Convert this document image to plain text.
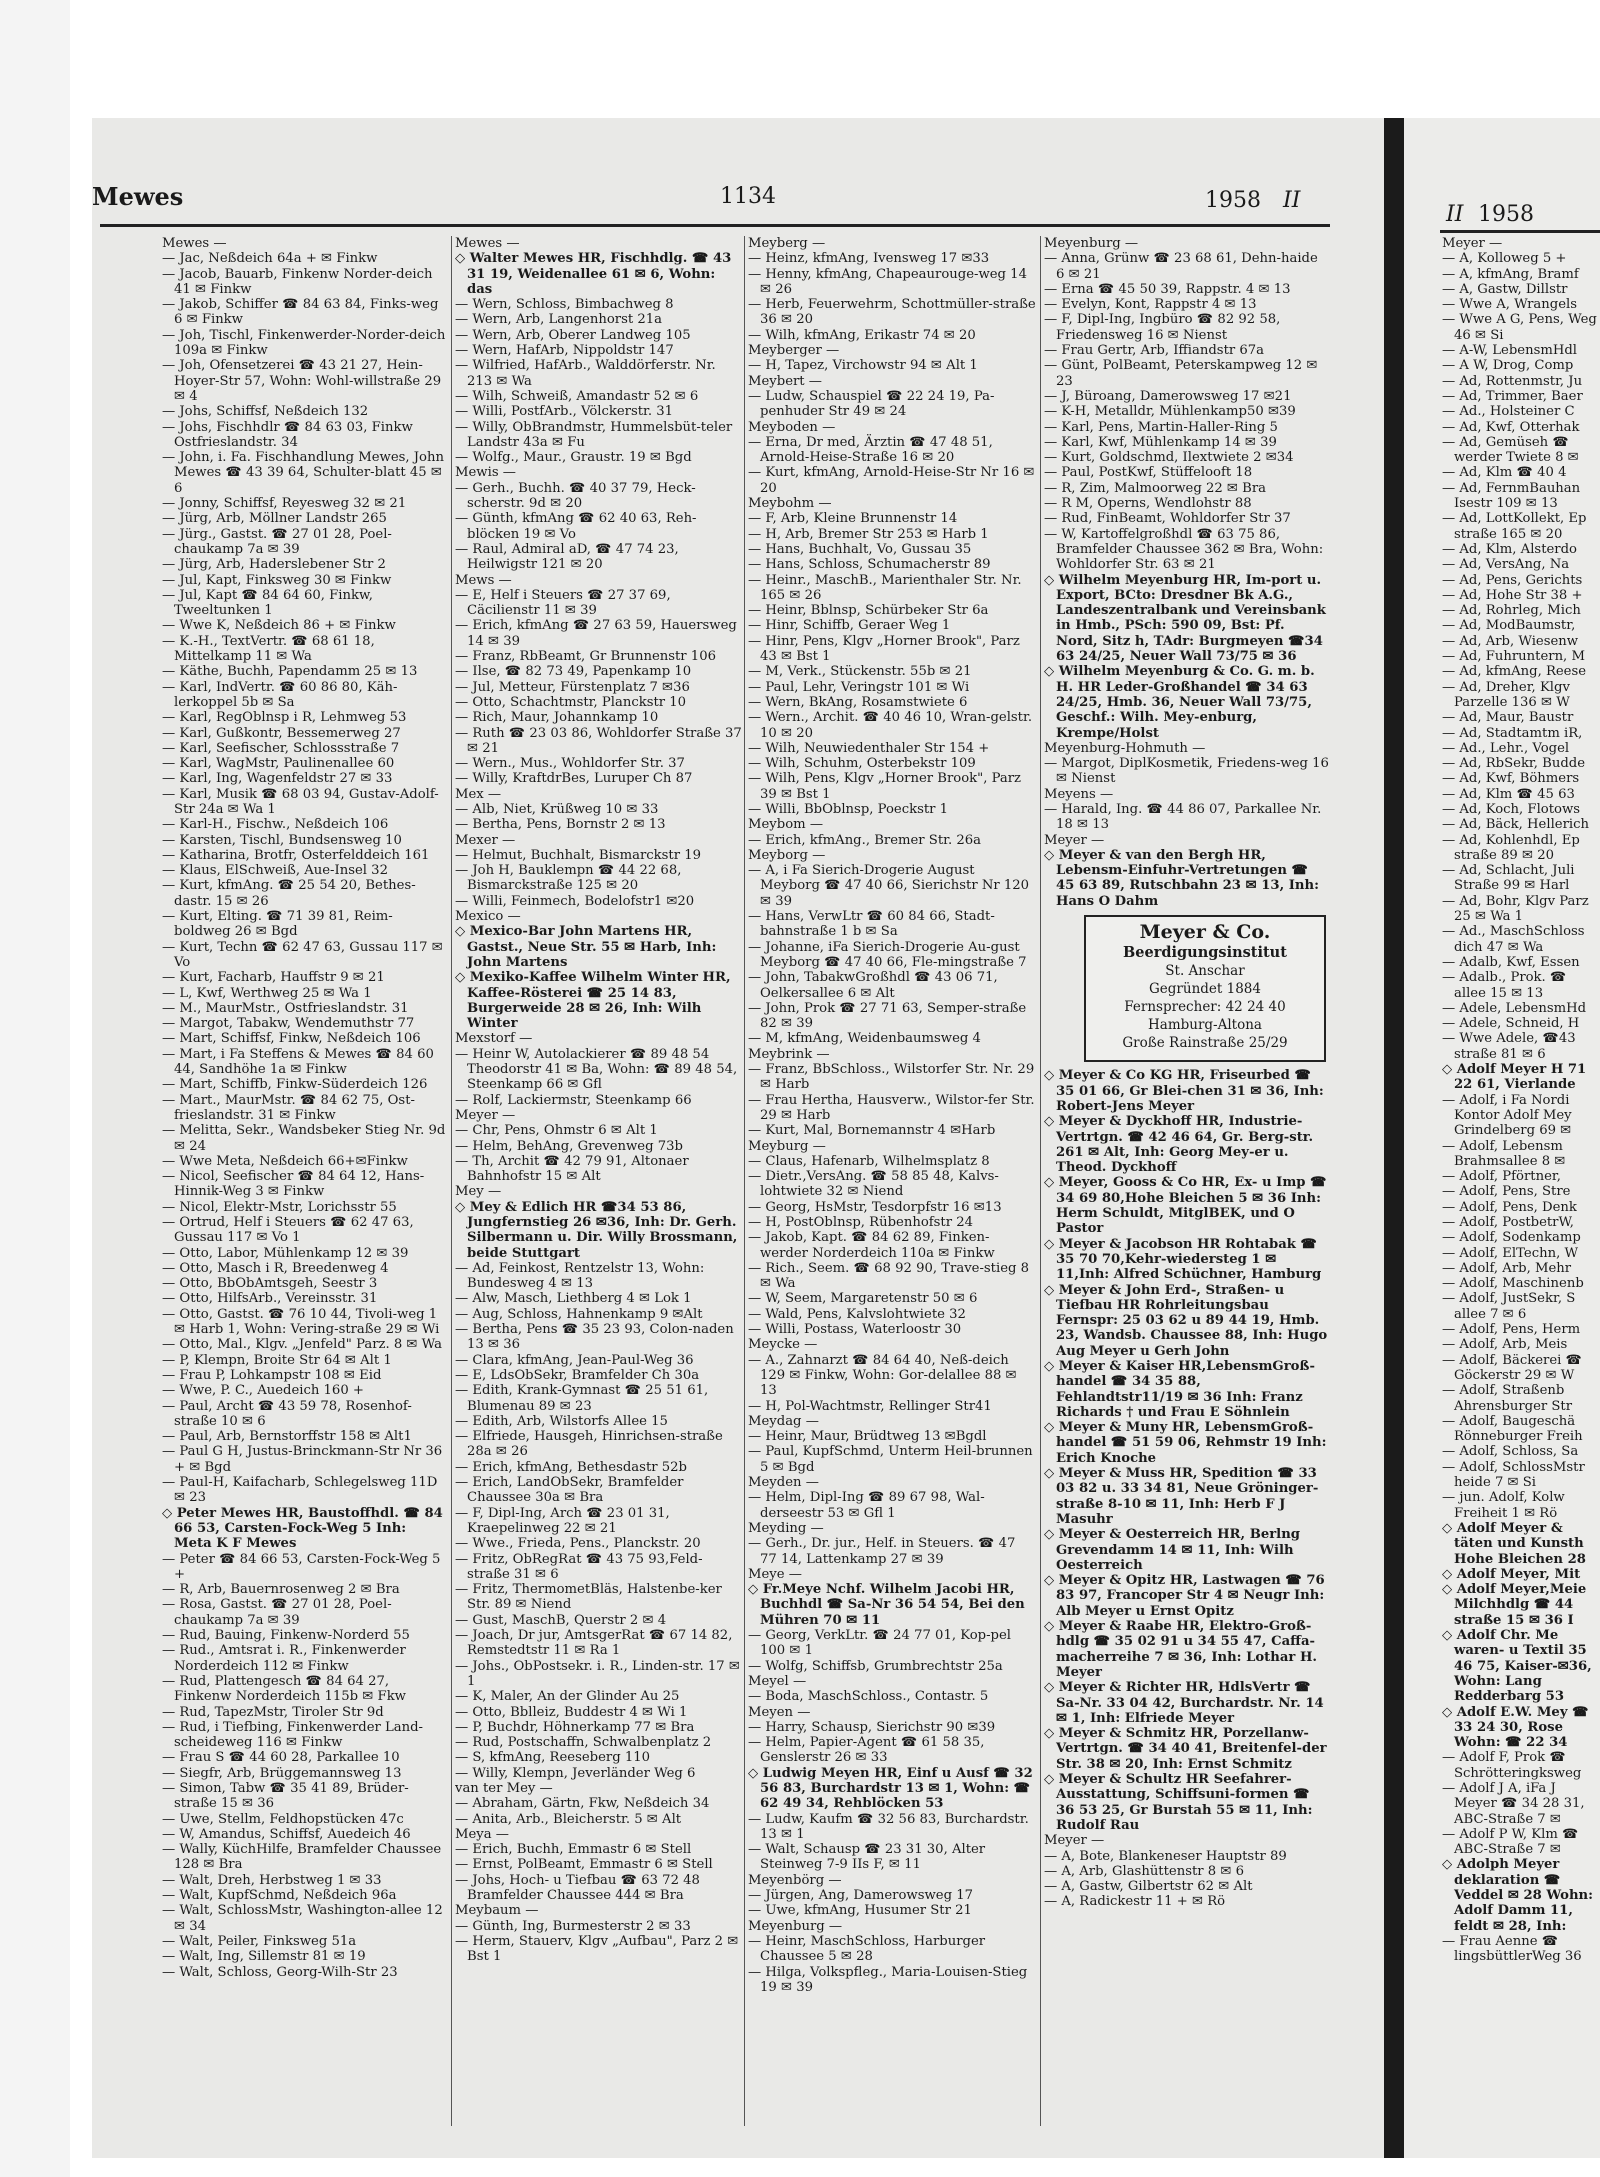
Mewes	1134	1958 II
II 1958

Mewes —

— Jac, Neßdeich 64a + ✉ Finkw

— Jacob, Bauarb, Finkenw Norder-deich 41 ✉ Finkw

— Jakob, Schiffer ☎ 84 63 84, Finks-weg 6 ✉ Finkw

— Joh, Tischl, Finkenwerder-Norder-deich 109a ✉ Finkw

— Joh, Ofensetzerei ☎ 43 21 27, Hein-Hoyer-Str 57, Wohn: Wohl-willstraße 29 ✉ 4

— Johs, Schiffsf, Neßdeich 132

— Johs, Fischhdlr ☎ 84 63 03, Finkw Ostfrieslandstr. 34

— John, i. Fa. Fischhandlung Mewes, John Mewes ☎ 43 39 64, Schulter-blatt 45 ✉ 6

— Jonny, Schiffsf, Reyesweg 32 ✉ 21

— Jürg, Arb, Möllner Landstr 265

— Jürg., Gastst. ☎ 27 01 28, Poel-chaukamp 7a ✉ 39

— Jürg, Arb, Haderslebener Str 2

— Jul, Kapt, Finksweg 30 ✉ Finkw

— Jul, Kapt ☎ 84 64 60, Finkw, Tweeltunken 1

— Wwe K, Neßdeich 86 + ✉ Finkw

— K.-H., TextVertr. ☎ 68 61 18, Mittelkamp 11 ✉ Wa

— Käthe, Buchh, Papendamm 25 ✉ 13

— Karl, IndVertr. ☎ 60 86 80, Käh-lerkoppel 5b ✉ Sa

— Karl, RegOblnsp i R, Lehmweg 53

— Karl, Gußkontr, Bessemerweg 27

— Karl, Seefischer, Schlossstraße 7

— Karl, WagMstr, Paulinenallee 60

— Karl, Ing, Wagenfeldstr 27 ✉ 33

— Karl, Musik ☎ 68 03 94, Gustav-Adolf-Str 24a ✉ Wa 1

— Karl-H., Fischw., Neßdeich 106

— Karsten, Tischl, Bundsensweg 10

— Katharina, Brotfr, Osterfelddeich 161

— Klaus, ElSchweiß, Aue-Insel 32

— Kurt, kfmAng. ☎ 25 54 20, Bethes-dastr. 15 ✉ 26

— Kurt, Elting. ☎ 71 39 81, Reim-boldweg 26 ✉ Bgd

— Kurt, Techn ☎ 62 47 63, Gussau 117 ✉ Vo

— Kurt, Facharb, Hauffstr 9 ✉ 21

— L, Kwf, Werthweg 25 ✉ Wa 1

— M., MaurMstr., Ostfrieslandstr. 31

— Margot, Tabakw, Wendemuthstr 77

— Mart, Schiffsf, Finkw, Neßdeich 106

— Mart, i Fa Steffens & Mewes ☎ 84 60 44, Sandhöhe 1a ✉ Finkw

— Mart, Schiffb, Finkw-Süderdeich 126

— Mart., MaurMstr. ☎ 84 62 75, Ost-frieslandstr. 31 ✉ Finkw

— Melitta, Sekr., Wandsbeker Stieg Nr. 9d ✉ 24

— Wwe Meta, Neßdeich 66+✉Finkw

— Nicol, Seefischer ☎ 84 64 12, Hans-Hinnik-Weg 3 ✉ Finkw

— Nicol, Elektr-Mstr, Lorichsstr 55

— Ortrud, Helf i Steuers ☎ 62 47 63, Gussau 117 ✉ Vo 1

— Otto, Labor, Mühlenkamp 12 ✉ 39

— Otto, Masch i R, Breedenweg 4

— Otto, BbObAmtsgeh, Seestr 3

— Otto, HilfsArb., Vereinsstr. 31

— Otto, Gastst. ☎ 76 10 44, Tivoli-weg 1 ✉ Harb 1, Wohn: Vering-straße 29 ✉ Wi

— Otto, Mal., Klgv. „Jenfeld" Parz. 8 ✉ Wa

— P, Klempn, Broite Str 64 ✉ Alt 1

— Frau P, Lohkampstr 108 ✉ Eid

— Wwe, P. C., Auedeich 160 +

— Paul, Archt ☎ 43 59 78, Rosenhof-straße 10 ✉ 6

— Paul, Arb, Bernstorffstr 158 ✉ Alt1

— Paul G H, Justus-Brinckmann-Str Nr 36 + ✉ Bgd

— Paul-H, Kaifacharb, Schlegelsweg 11D ✉ 23

◇ Peter Mewes HR, Baustoffhdl. ☎ 84 66 53, Carsten-Fock-Weg 5 Inh: Meta K F Mewes

— Peter ☎ 84 66 53, Carsten-Fock-Weg 5 +

— R, Arb, Bauernrosenweg 2 ✉ Bra

— Rosa, Gastst. ☎ 27 01 28, Poel-chaukamp 7a ✉ 39

— Rud, Bauing, Finkenw-Norderd 55

— Rud., Amtsrat i. R., Finkenwerder Norderdeich 112 ✉ Finkw

— Rud, Plattengesch ☎ 84 64 27, Finkenw Norderdeich 115b ✉ Fkw

— Rud, TapezMstr, Tiroler Str 9d

— Rud, i Tiefbing, Finkenwerder Land-scheideweg 116 ✉ Finkw

— Frau S ☎ 44 60 28, Parkallee 10

— Siegfr, Arb, Brüggemannsweg 13

— Simon, Tabw ☎ 35 41 89, Brüder-straße 15 ✉ 36

— Uwe, Stellm, Feldhopstücken 47c

— W, Amandus, Schiffsf, Auedeich 46

— Wally, KüchHilfe, Bramfelder Chaussee 128 ✉ Bra

— Walt, Dreh, Herbstweg 1 ✉ 33

— Walt, KupfSchmd, Neßdeich 96a

— Walt, SchlossMstr, Washington-allee 12 ✉ 34

— Walt, Peiler, Finksweg 51a

— Walt, Ing, Sillemstr 81 ✉ 19

— Walt, Schloss, Georg-Wilh-Str 23

Mewes —

◇ Walter Mewes HR, Fischhdlg. ☎ 43 31 19, Weidenallee 61 ✉ 6, Wohn: das

— Wern, Schloss, Bimbachweg 8

— Wern, Arb, Langenhorst 21a

— Wern, Arb, Oberer Landweg 105

— Wern, HafArb, Nippoldstr 147

— Wilfried, HafArb., Walddörferstr. Nr. 213 ✉ Wa

— Wilh, Schweiß, Amandastr 52 ✉ 6

— Willi, PostfArb., Völckerstr. 31

— Willy, ObBrandmstr, Hummelsbüt-teler Landstr 43a ✉ Fu

— Wolfg., Maur., Graustr. 19 ✉ Bgd

Mewis —

— Gerh., Buchh. ☎ 40 37 79, Heck-scherstr. 9d ✉ 20

— Günth, kfmAng ☎ 62 40 63, Reh-blöcken 19 ✉ Vo

— Raul, Admiral aD, ☎ 47 74 23, Heilwigstr 121 ✉ 20

Mews —

— E, Helf i Steuers ☎ 27 37 69, Cäcilienstr 11 ✉ 39

— Erich, kfmAng ☎ 27 63 59, Hauersweg 14 ✉ 39

— Franz, RbBeamt, Gr Brunnenstr 106

— Ilse, ☎ 82 73 49, Papenkamp 10

— Jul, Metteur, Fürstenplatz 7 ✉36

— Otto, Schachtmstr, Planckstr 10

— Rich, Maur, Johannkamp 10

— Ruth ☎ 23 03 86, Wohldorfer Straße 37 ✉ 21

— Wern., Mus., Wohldorfer Str. 37

— Willy, KraftdrBes, Luruper Ch 87

Mex —

— Alb, Niet, Krüßweg 10 ✉ 33

— Bertha, Pens, Bornstr 2 ✉ 13

Mexer —

— Helmut, Buchhalt, Bismarckstr 19

— Joh H, Bauklempn ☎ 44 22 68, Bismarckstraße 125 ✉ 20

— Willi, Feinmech, Bodelofstr1 ✉20

Mexico —

◇ Mexico-Bar John Martens HR, Gastst., Neue Str. 55 ✉ Harb, Inh: John Martens

◇ Mexiko-Kaffee Wilhelm Winter HR, Kaffee-Rösterei ☎ 25 14 83, Burgerweide 28 ✉ 26, Inh: Wilh Winter

Mexstorf —

— Heinr W, Autolackierer ☎ 89 48 54 Theodorstr 41 ✉ Ba, Wohn: ☎ 89 48 54, Steenkamp 66 ✉ Gfl

— Rolf, Lackiermstr, Steenkamp 66

Meyer —

— Chr, Pens, Ohmstr 6 ✉ Alt 1

— Helm, BehAng, Grevenweg 73b

— Th, Archit ☎ 42 79 91, Altonaer Bahnhofstr 15 ✉ Alt

Mey —

◇ Mey & Edlich HR ☎34 53 86, Jungfernstieg 26 ✉36, Inh: Dr. Gerh. Silbermann u. Dir. Willy Brossmann, beide Stuttgart

— Ad, Feinkost, Rentzelstr 13, Wohn: Bundesweg 4 ✉ 13

— Alw, Masch, Liethberg 4 ✉ Lok 1

— Aug, Schloss, Hahnenkamp 9 ✉Alt

— Bertha, Pens ☎ 35 23 93, Colon-naden 13 ✉ 36

— Clara, kfmAng, Jean-Paul-Weg 36

— E, LdsObSekr, Bramfelder Ch 30a

— Edith, Krank-Gymnast ☎ 25 51 61, Blumenau 89 ✉ 23

— Edith, Arb, Wilstorfs Allee 15

— Elfriede, Hausgeh, Hinrichsen-straße 28a ✉ 26

— Erich, kfmAng, Bethesdastr 52b

— Erich, LandObSekr, Bramfelder Chaussee 30a ✉ Bra

— F, Dipl-Ing, Arch ☎ 23 01 31, Kraepelinweg 22 ✉ 21

— Wwe., Frieda, Pens., Planckstr. 20

— Fritz, ObRegRat ☎ 43 75 93,Feld-straße 31 ✉ 6

— Fritz, ThermometBläs, Halstenbe-ker Str. 89 ✉ Niend

— Gust, MaschB, Querstr 2 ✉ 4

— Joach, Dr jur, AmtsgerRat ☎ 67 14 82, Remstedtstr 11 ✉ Ra 1

— Johs., ObPostsekr. i. R., Linden-str. 17 ✉ 1

— K, Maler, An der Glinder Au 25

— Otto, Bblleiz, Buddestr 4 ✉ Wi 1

— P, Buchdr, Höhnerkamp 77 ✉ Bra

— Rud, Postschaffn, Schwalbenplatz 2

— S, kfmAng, Reeseberg 110

— Willy, Klempn, Jeverländer Weg 6

van ter Mey —

— Abraham, Gärtn, Fkw, Neßdeich 34

— Anita, Arb., Bleicherstr. 5 ✉ Alt

Meya —

— Erich, Buchh, Emmastr 6 ✉ Stell

— Ernst, PolBeamt, Emmastr 6 ✉ Stell

— Johs, Hoch- u Tiefbau ☎ 63 72 48 Bramfelder Chaussee 444 ✉ Bra

Meybaum —

— Günth, Ing, Burmesterstr 2 ✉ 33

— Herm, Stauerv, Klgv „Aufbau", Parz 2 ✉ Bst 1

Meyberg —

— Heinz, kfmAng, Ivensweg 17 ✉33

— Henny, kfmAng, Chapeaurouge-weg 14 ✉ 26

— Herb, Feuerwehrm, Schottmüller-straße 36 ✉ 20

— Wilh, kfmAng, Erikastr 74 ✉ 20

Meyberger —

— H, Tapez, Virchowstr 94 ✉ Alt 1

Meybert —

— Ludw, Schauspiel ☎ 22 24 19, Pa-penhuder Str 49 ✉ 24

Meyboden —

— Erna, Dr med, Ärztin ☎ 47 48 51, Arnold-Heise-Straße 16 ✉ 20

— Kurt, kfmAng, Arnold-Heise-Str Nr 16 ✉ 20

Meybohm —

— F, Arb, Kleine Brunnenstr 14

— H, Arb, Bremer Str 253 ✉ Harb 1

— Hans, Buchhalt, Vo, Gussau 35

— Hans, Schloss, Schumacherstr 89

— Heinr., MaschB., Marienthaler Str. Nr. 165 ✉ 26

— Heinr, Bblnsp, Schürbeker Str 6a

— Hinr, Schiffb, Geraer Weg 1

— Hinr, Pens, Klgv „Horner Brook", Parz 43 ✉ Bst 1

— M, Verk., Stückenstr. 55b ✉ 21

— Paul, Lehr, Veringstr 101 ✉ Wi

— Wern, BkAng, Rosamstwiete 6

— Wern., Archit. ☎ 40 46 10, Wran-gelstr. 10 ✉ 20

— Wilh, Neuwiedenthaler Str 154 +

— Wilh, Schuhm, Osterbekstr 109

— Wilh, Pens, Klgv „Horner Brook", Parz 39 ✉ Bst 1

— Willi, BbOblnsp, Poeckstr 1

Meybom —

— Erich, kfmAng., Bremer Str. 26a

Meyborg —

— A, i Fa Sierich-Drogerie August Meyborg ☎ 47 40 66, Sierichstr Nr 120 ✉ 39

— Hans, VerwLtr ☎ 60 84 66, Stadt-bahnstraße 1 b ✉ Sa

— Johanne, iFa Sierich-Drogerie Au-gust Meyborg ☎ 47 40 66, Fle-mingstraße 7

— John, TabakwGroßhdl ☎ 43 06 71, Oelkersallee 6 ✉ Alt

— John, Prok ☎ 27 71 63, Semper-straße 82 ✉ 39

— M, kfmAng, Weidenbaumsweg 4

Meybrink —

— Franz, BbSchloss., Wilstorfer Str. Nr. 29 ✉ Harb

— Frau Hertha, Hausverw., Wilstor-fer Str. 29 ✉ Harb

— Kurt, Mal, Bornemannstr 4 ✉Harb

Meyburg —

— Claus, Hafenarb, Wilhelmsplatz 8

— Dietr.,VersAng. ☎ 58 85 48, Kalvs-lohtwiete 32 ✉ Niend

— Georg, HsMstr, Tesdorpfstr 16 ✉13

— H, PostOblnsp, Rübenhofstr 24

— Jakob, Kapt. ☎ 84 62 89, Finken-werder Norderdeich 110a ✉ Finkw

— Rich., Seem. ☎ 68 92 90, Trave-stieg 8 ✉ Wa

— W, Seem, Margaretenstr 50 ✉ 6

— Wald, Pens, Kalvslohtwiete 32

— Willi, Postass, Waterloostr 30

Meycke —

— A., Zahnarzt ☎ 84 64 40, Neß-deich 129 ✉ Finkw, Wohn: Gor-delallee 88 ✉ 13

— H, Pol-Wachtmstr, Rellinger Str41

Meydag —

— Heinr, Maur, Brüdtweg 13 ✉Bgdl

— Paul, KupfSchmd, Unterm Heil-brunnen 5 ✉ Bgd

Meyden —

— Helm, Dipl-Ing ☎ 89 67 98, Wal-derseestr 53 ✉ Gfl 1

Meyding —

— Gerh., Dr. jur., Helf. in Steuers. ☎ 47 77 14, Lattenkamp 27 ✉ 39

Meye —

◇ Fr.Meye Nchf. Wilhelm Jacobi HR, Buchhdl ☎ Sa-Nr 36 54 54, Bei den Mühren 70 ✉ 11

— Georg, VerkLtr. ☎ 24 77 01, Kop-pel 100 ✉ 1

— Wolfg, Schiffsb, Grumbrechtstr 25a

Meyel —

— Boda, MaschSchloss., Contastr. 5

Meyen —

— Harry, Schausp, Sierichstr 90 ✉39

— Helm, Papier-Agent ☎ 61 58 35, Genslerstr 26 ✉ 33

◇ Ludwig Meyen HR, Einf u Ausf ☎ 32 56 83, Burchardstr 13 ✉ 1, Wohn: ☎ 62 49 34, Rehblöcken 53

— Ludw, Kaufm ☎ 32 56 83, Burchardstr. 13 ✉ 1

— Walt, Schausp ☎ 23 31 30, Alter Steinweg 7-9 IIs F, ✉ 11

Meyenbörg —

— Jürgen, Ang, Damerowsweg 17

— Uwe, kfmAng, Husumer Str 21

Meyenburg —

— Heinr, MaschSchloss, Harburger Chaussee 5 ✉ 28

— Hilga, Volkspfleg., Maria-Louisen-Stieg 19 ✉ 39

Meyenburg —

— Anna, Grünw ☎ 23 68 61, Dehn-haide 6 ✉ 21

— Erna ☎ 45 50 39, Rappstr. 4 ✉ 13

— Evelyn, Kont, Rappstr 4 ✉ 13

— F, Dipl-Ing, Ingbüro ☎ 82 92 58, Friedensweg 16 ✉ Nienst

— Frau Gertr, Arb, Iffiandstr 67a

— Günt, PolBeamt, Peterskampweg 12 ✉ 23

— J, Büroang, Damerowsweg 17 ✉21

— K-H, Metalldr, Mühlenkamp50 ✉39

— Karl, Pens, Martin-Haller-Ring 5

— Karl, Kwf, Mühlenkamp 14 ✉ 39

— Kurt, Goldschmd, Ilextwiete 2 ✉34

— Paul, PostKwf, Stüffelooft 18

— R, Zim, Malmoorweg 22 ✉ Bra

— R M, Operns, Wendlohstr 88

— Rud, FinBeamt, Wohldorfer Str 37

— W, Kartoffelgroßhdl ☎ 63 75 86, Bramfelder Chaussee 362 ✉ Bra, Wohn: Wohldorfer Str. 63 ✉ 21

◇ Wilhelm Meyenburg HR, Im-port u. Export, BCto: Dresdner Bk A.G., Landeszentralbank und Vereinsbank in Hmb., PSch: 590 09, Bst: Pf. Nord, Sitz h, TAdr: Burgmeyen ☎34 63 24/25, Neuer Wall 73/75 ✉ 36

◇ Wilhelm Meyenburg & Co. G. m. b. H. HR Leder-Großhandel ☎ 34 63 24/25, Hmb. 36, Neuer Wall 73/75, Geschf.: Wilh. Mey-enburg, Krempe/Holst

Meyenburg-Hohmuth —

— Margot, DiplKosmetik, Friedens-weg 16 ✉ Nienst

Meyens —

— Harald, Ing. ☎ 44 86 07, Parkallee Nr. 18 ✉ 13

Meyer —

◇ Meyer & van den Bergh HR, Lebensm-Einfuhr-Vertretungen ☎ 45 63 89, Rutschbahn 23 ✉ 13, Inh: Hans O Dahm

Meyer & Co.

Beerdigungsinstitut

St. Anschar

Gegründet 1884

Fernsprecher: 42 24 40

Hamburg-Altona

Große Rainstraße 25/29

◇ Meyer & Co KG HR, Friseurbed ☎ 35 01 66, Gr Blei-chen 31 ✉ 36, Inh: Robert-Jens Meyer

◇ Meyer & Dyckhoff HR, Industrie-Vertrtgn. ☎ 42 46 64, Gr. Berg-str. 261 ✉ Alt, Inh: Georg Mey-er u. Theod. Dyckhoff

◇ Meyer, Gooss & Co HR, Ex- u Imp ☎ 34 69 80,Hohe Bleichen 5 ✉ 36 Inh: Herm Schuldt, MitglBEK, und O Pastor

◇ Meyer & Jacobson HR Rohtabak ☎ 35 70 70,Kehr-wiedersteg 1 ✉ 11,Inh: Alfred Schüchner, Hamburg

◇ Meyer & John Erd-, Straßen- u Tiefbau HR Rohrleitungsbau Fernspr: 25 03 62 u 89 44 19, Hmb. 23, Wandsb. Chaussee 88, Inh: Hugo Aug Meyer u Gerh John

◇ Meyer & Kaiser HR,LebensmGroß-handel ☎ 34 35 88, Fehlandtstr11/19 ✉ 36 Inh: Franz Richards † und Frau E Söhnlein

◇ Meyer & Muny HR, LebensmGroß-handel ☎ 51 59 06, Rehmstr 19 Inh: Erich Knoche

◇ Meyer & Muss HR, Spedition ☎ 33 03 82 u. 33 34 81, Neue Gröninger-straße 8-10 ✉ 11, Inh: Herb F J Masuhr

◇ Meyer & Oesterreich HR, Berlng Grevendamm 14 ✉ 11, Inh: Wilh Oesterreich

◇ Meyer & Opitz HR, Lastwagen ☎ 76 83 97, Francoper Str 4 ✉ Neugr Inh: Alb Meyer u Ernst Opitz

◇ Meyer & Raabe HR, Elektro-Groß-hdlg ☎ 35 02 91 u 34 55 47, Caffa-macherreihe 7 ✉ 36, Inh: Lothar H. Meyer

◇ Meyer & Richter HR, HdlsVertr ☎ Sa-Nr. 33 04 42, Burchardstr. Nr. 14 ✉ 1, Inh: Elfriede Meyer

◇ Meyer & Schmitz HR, Porzellanw-Vertrtgn. ☎ 34 40 41, Breitenfel-der Str. 38 ✉ 20, Inh: Ernst Schmitz

◇ Meyer & Schultz HR Seefahrer-Ausstattung, Schiffsuni-formen ☎ 36 53 25, Gr Burstah 55 ✉ 11, Inh: Rudolf Rau

Meyer —

— A, Bote, Blankeneser Hauptstr 89

— A, Arb, Glashüttenstr 8 ✉ 6

— A, Gastw, Gilbertstr 62 ✉ Alt

— A, Radickestr 11 + ✉ Rö

Meyer —

— A, Kolloweg 5 +

— A, kfmAng, Bramf

— A, Gastw, Dillstr

— Wwe A, Wrangels

— Wwe A G, Pens, Weg 46 ✉ Si

— A-W, LebensmHdl

— A W, Drog, Comp

— Ad, Rottenmstr, Ju

— Ad, Trimmer, Baer

— Ad., Holsteiner C

— Ad, Kwf, Otterhak

— Ad, Gemüseh ☎ werder Twiete 8 ✉

— Ad, Klm ☎ 40 4

— Ad, FernmBauhan Isestr 109 ✉ 13

— Ad, LottKollekt, Ep straße 165 ✉ 20

— Ad, Klm, Alsterdo

— Ad, VersAng, Na

— Ad, Pens, Gerichts

— Ad, Hohe Str 38 +

— Ad, Rohrleg, Mich

— Ad, ModBaumstr,

— Ad, Arb, Wiesenw

— Ad, Fuhruntern, M

— Ad, kfmAng, Reese

— Ad, Dreher, Klgv Parzelle 136 ✉ W

— Ad, Maur, Baustr

— Ad, Stadtamtm iR,

— Ad., Lehr., Vogel

— Ad, RbSekr, Budde

— Ad, Kwf, Böhmers

— Ad, Klm ☎ 45 63

— Ad, Koch, Flotows

— Ad, Bäck, Hellerich

— Ad, Kohlenhdl, Ep straße 89 ✉ 20

— Ad, Schlacht, Juli Straße 99 ✉ Harl

— Ad, Bohr, Klgv Parz 25 ✉ Wa 1

— Ad., MaschSchloss dich 47 ✉ Wa

— Adalb, Kwf, Essen

— Adalb., Prok. ☎ allee 15 ✉ 13

— Adele, LebensmHd

— Adele, Schneid, H

— Wwe Adele, ☎43 straße 81 ✉ 6

◇ Adolf Meyer H 71 22 61, Vierlande

— Adolf, i Fa Nordi Kontor Adolf Mey Grindelberg 69 ✉

— Adolf, Lebensm Brahmsallee 8 ✉

— Adolf, Pförtner,

— Adolf, Pens, Stre

— Adolf, Pens, Denk

— Adolf, PostbetrW,

— Adolf, Sodenkamp

— Adolf, ElTechn, W

— Adolf, Arb, Mehr

— Adolf, Maschinenb

— Adolf, JustSekr, S allee 7 ✉ 6

— Adolf, Pens, Herm

— Adolf, Arb, Meis

— Adolf, Bäckerei ☎ Göckerstr 29 ✉ W

— Adolf, Straßenb Ahrensburger Str

— Adolf, Baugeschä Rönneburger Freih

— Adolf, Schloss, Sa

— Adolf, SchlossMstr heide 7 ✉ Si

— jun. Adolf, Kolw Freiheit 1 ✉ Rö

◇ Adolf Meyer & täten und Kunsth Hohe Bleichen 28

◇ Adolf Meyer, Mit

◇ Adolf Meyer,Meie Milchhdlg ☎ 44 straße 15 ✉ 36 I

◇ Adolf Chr. Me waren- u Textil 35 46 75, Kaiser-✉36, Wohn: Lang Redderbarg 53

◇ Adolf E.W. Mey ☎ 33 24 30, Rose Wohn: ☎ 22 34

— Adolf F, Prok ☎ Schrötteringksweg

— Adolf J A, iFa J Meyer ☎ 34 28 31, ABC-Straße 7 ✉

— Adolf P W, Klm ☎ ABC-Straße 7 ✉

◇ Adolph Meyer deklaration ☎ Veddel ✉ 28 Wohn: Adolf Damm 11, feldt ✉ 28, Inh:

— Frau Aenne ☎ lingsbüttlerWeg 36
